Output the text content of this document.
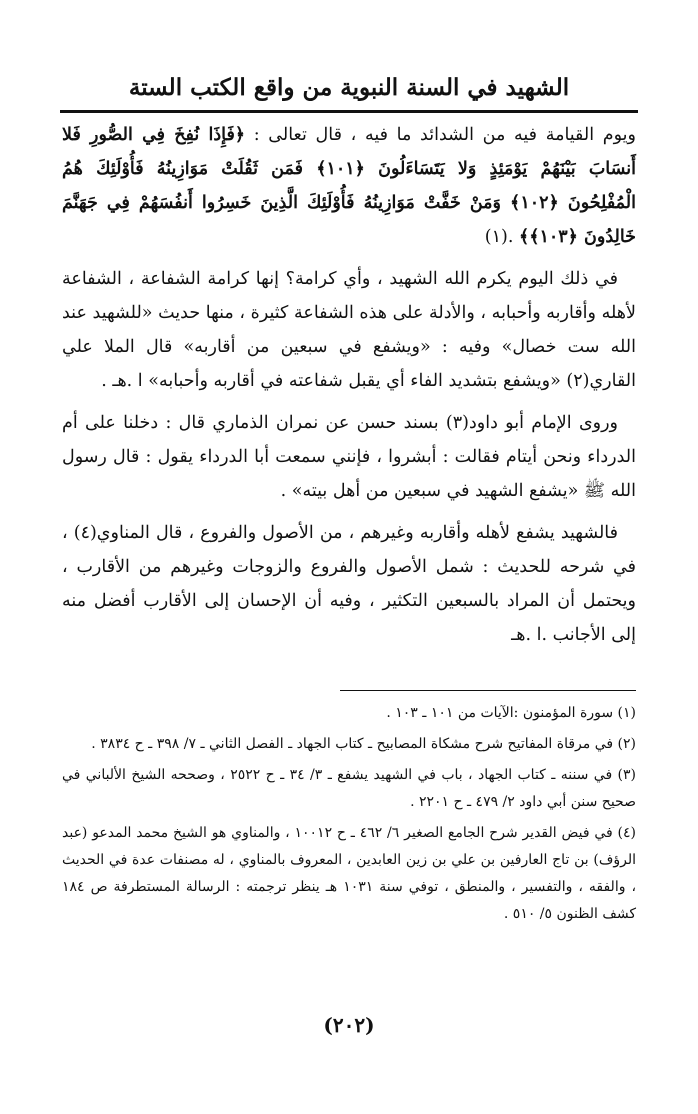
الشهيد في السنة النبوية من واقع الكتب الستة

ويوم القيامة فيه من الشدائد ما فيه ، قال تعالى : ﴿فَإِذَا نُفِخَ فِي الصُّورِ فَلا أَنسَابَ بَيْنَهُمْ يَوْمَئِذٍ وَلا يَتَسَاءَلُونَ ﴿١٠١﴾ فَمَن ثَقُلَتْ مَوَازِينُهُ فَأُوْلَئِكَ هُمُ الْمُفْلِحُونَ ﴿١٠٢﴾ وَمَنْ خَفَّتْ مَوَازِينُهُ فَأُوْلَئِكَ الَّذِينَ خَسِرُوا أَنفُسَهُمْ فِي جَهَنَّمَ خَالِدُونَ ﴿١٠٣﴾﴾ .(١)

في ذلك اليوم يكرم الله الشهيد ، وأي كرامة؟ إنها كرامة الشفاعة ، الشفاعة لأهله وأقاربه وأحبابه ، والأدلة على هذه الشفاعة كثيرة ، منها حديث «للشهيد عند الله ست خصال» وفيه : «ويشفع في سبعين من أقاربه» قال الملا علي القاري(٢) «ويشفع بتشديد الفاء أي يقبل شفاعته في أقاربه وأحبابه» ا .هـ .

وروى الإمام أبو داود(٣) بسند حسن عن نمران الذماري قال : دخلنا على أم الدرداء ونحن أيتام فقالت : أبشروا ، فإنني سمعت أبا الدرداء يقول : قال رسول الله ﷺ «يشفع الشهيد في سبعين من أهل بيته» .

فالشهيد يشفع لأهله وأقاربه وغيرهم ، من الأصول والفروع ، قال المناوي(٤) ، في شرحه للحديث : شمل الأصول والفروع والزوجات وغيرهم من الأقارب ، ويحتمل أن المراد بالسبعين التكثير ، وفيه أن الإحسان إلى الأقارب أفضل منه إلى الأجانب .ا .هـ

(١) سورة المؤمنون :الآيات من ١٠١ ـ ١٠٣ .
(٢) في مرقاة المفاتيح شرح مشكاة المصابيح ـ كتاب الجهاد ـ الفصل الثاني ـ ٧/ ٣٩٨ ـ ح ٣٨٣٤ .
(٣) في سننه ـ كتاب الجهاد ، باب في الشهيد يشفع ـ ٣/ ٣٤ ـ ح ٢٥٢٢ ، وصححه الشيخ الألباني في صحيح سنن أبي داود ٢/ ٤٧٩ ـ ح ٢٢٠١ .
(٤) في فيض القدير شرح الجامع الصغير ٦/ ٤٦٢ ـ ح ١٠٠١٢ ، والمناوي هو الشيخ محمد المدعو (عبد الرؤف) بن تاج العارفين بن علي بن زين العابدين ، المعروف بالمناوي ، له مصنفات عدة في الحديث ، والفقه ، والتفسير ، والمنطق ، توفي سنة ١٠٣١ هـ ينظر ترجمته : الرسالة المستطرفة ص ١٨٤ كشف الظنون ٥/ ٥١٠ .
(٢٠٢)
